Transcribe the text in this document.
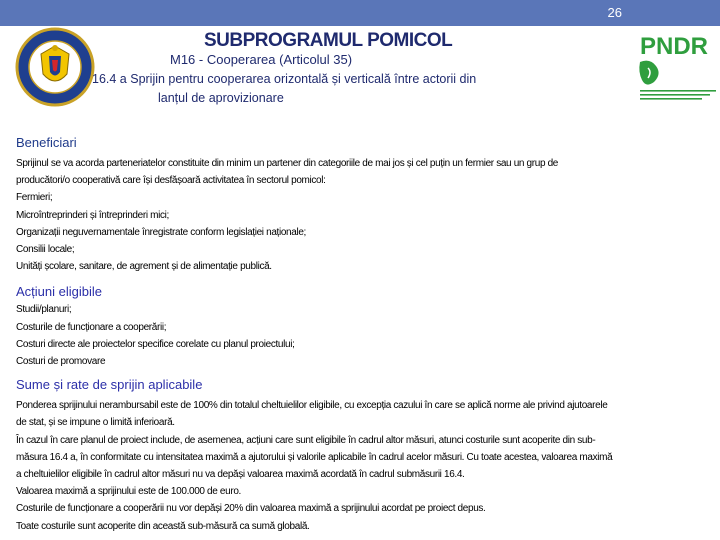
26
PNDR
SUBPROGRAMUL POMICOL
M16 - Cooperarea (Articolul 35)
16.4 a Sprijin pentru cooperarea orizontală și verticală între actorii din
lanțul de aprovizionare

Beneficiari

Sprijinul se va acorda parteneriatelor constituite din minim un partener din categoriile de mai jos și cel puțin un fermier sau un grup de

producători/o cooperativă care își desfășoară activitatea în sectorul pomicol:

Fermieri;

Microîntreprinderi și întreprinderi mici;

Organizații neguvernamentale înregistrate conform legislației naționale;

Consilii locale;

Unități școlare, sanitare, de agrement și de alimentație publică.

Acțiuni eligibile

Studii/planuri;

Costurile de funcționare a cooperării;

Costuri directe ale proiectelor specifice corelate cu planul proiectului;

Costuri de promovare

Sume și rate de sprijin aplicabile

Ponderea sprijinului nerambursabil este de 100% din totalul cheltuielilor eligibile, cu excepția cazului în care se aplică norme ale privind ajutoarele

de stat, și se impune o limită inferioară.

În cazul în care planul de proiect include, de asemenea, acțiuni care sunt eligibile în cadrul altor măsuri, atunci costurile sunt acoperite din sub-

măsura 16.4 a, în conformitate cu intensitatea maximă a ajutorului și valorile aplicabile în cadrul acelor măsuri. Cu toate acestea, valoarea maximă

a cheltuielilor eligibile în cadrul altor măsuri nu va depăși valoarea maximă acordată în cadrul submăsurii 16.4.

Valoarea maximă a sprijinului este de 100.000 de euro.

Costurile de funcționare a cooperării nu vor depăși 20% din valoarea maximă a sprijinului acordat pe proiect depus.

Toate costurile sunt acoperite din această sub-măsură ca sumă globală.
